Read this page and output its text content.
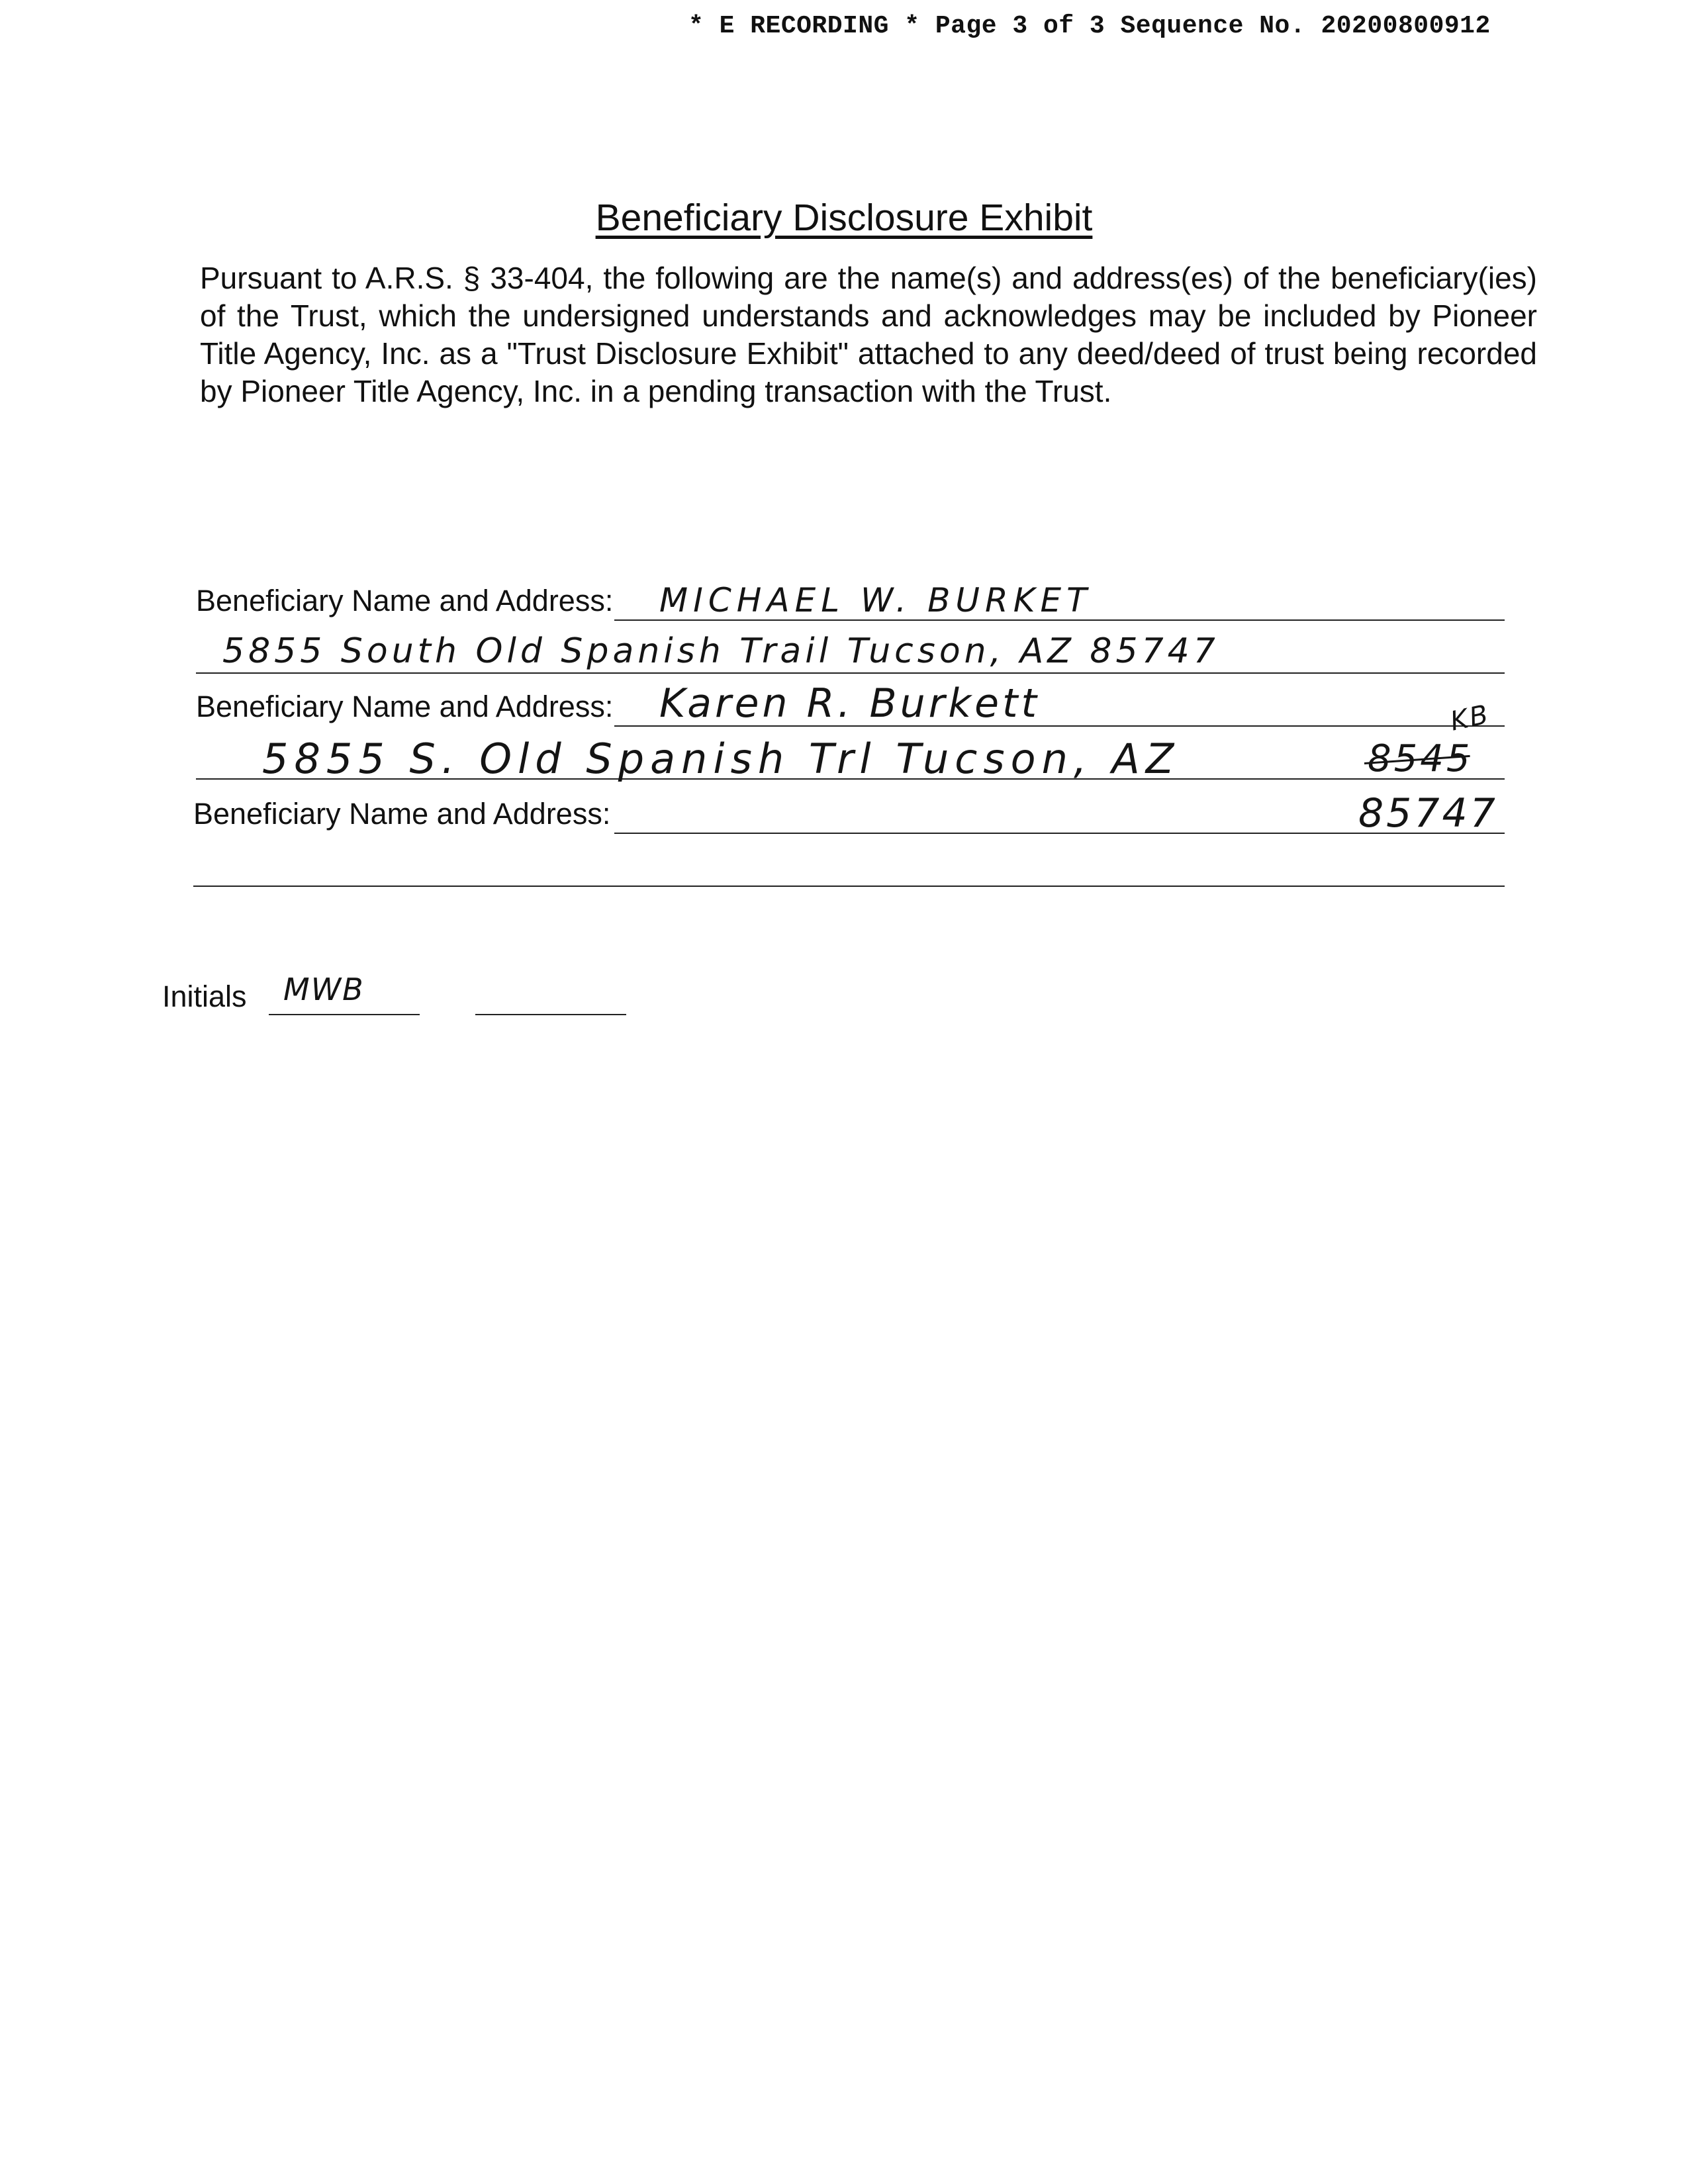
* E RECORDING * Page 3 of 3 Sequence No. 20200800912
Beneficiary Disclosure Exhibit
Pursuant to A.R.S. § 33-404, the following are the name(s) and address(es) of the beneficiary(ies) of the Trust, which the undersigned understands and acknowledges may be included by Pioneer Title Agency, Inc. as a "Trust Disclosure Exhibit" attached to any deed/deed of trust being recorded by Pioneer Title Agency, Inc. in a pending transaction with the Trust.
Beneficiary Name and Address: MICHAEL W. BURKET
5855 South Old Spanish Trail Tucson, AZ 85747
Beneficiary Name and Address: Karen R. Burkett
5855 S. Old Spanish Trl Tucson, AZ	8545
KB
Beneficiary Name and Address:	85747
Initials MWB
